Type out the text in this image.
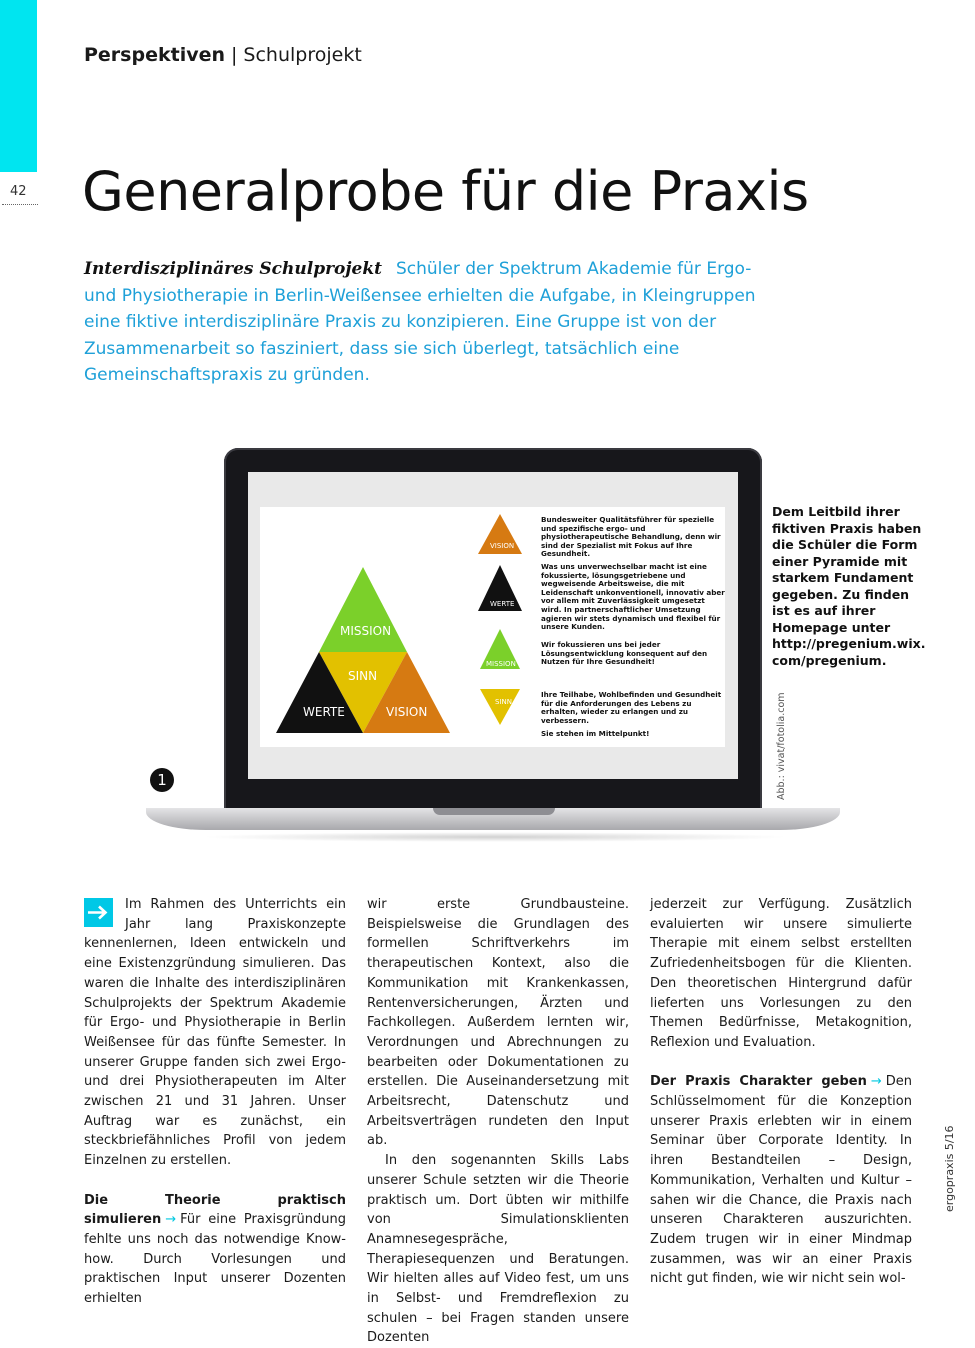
42
Perspektiven | Schulprojekt
Generalprobe für die Praxis
Interdisziplinäres Schulprojekt Schüler der Spektrum Akademie für Ergo- und Physiotherapie in Berlin-Weißensee erhielten die Aufgabe, in Kleingruppen eine fiktive interdisziplinäre Praxis zu konzipieren. Eine Gruppe ist von der Zusammenarbeit so fasziniert, dass sie sich überlegt, tatsächlich eine Gemeinschaftspraxis zu gründen.
MISSION
SINN
WERTE	VISION
VISION
WERTE
MISSION
SINN
Bundesweiter Qualitätsführer für spezielle und spezifische ergo- und physiotherapeutische Behandlung, denn wir sind der Spezialist mit Fokus auf Ihre Gesundheit.
Was uns unverwechselbar macht ist eine fokussierte, lösungsgetriebene und wegweisende Arbeitsweise, die mit Leidenschaft unkonventionell, innovativ aber vor allem mit Zuverlässigkeit umgesetzt wird. In partnerschaftlicher Umsetzung agieren wir stets dynamisch und flexibel für unsere Kunden.
Wir fokussieren uns bei jeder Lösungsentwicklung konsequent auf den Nutzen für Ihre Gesundheit!
Ihre Teilhabe, Wohlbefinden und Gesundheit für die Anforderungen des Lebens zu erhalten, wieder zu erlangen und zu verbessern.
Sie stehen im Mittelpunkt!
1
Dem Leitbild ihrer fiktiven Praxis haben die Schüler die Form einer Pyramide mit starkem Fundament gegeben. Zu finden ist es auf ihrer Homepage unter http://pregenium.wix. com/pregenium.
Abb.: vivat/fotolia.com

Im Rahmen des Unterrichts ein Jahr lang Praxiskonzepte kennenlernen, Ideen entwickeln und eine Existenzgründung simulieren. Das waren die Inhalte des interdisziplinären Schulprojekts der Spektrum Akademie für Ergo- und Physiotherapie in Berlin Weißensee für das fünfte Semester. In unserer Gruppe fanden sich zwei Ergo- und drei Physiotherapeuten im Alter zwischen 21 und 31 Jahren. Unser Auftrag war es zunächst, ein steckbriefähnliches Profil von jedem Einzelnen zu erstellen.

Die Theorie praktisch simulieren → Für eine Praxisgründung fehlte uns noch das notwendige Know-how. Durch Vorlesungen und praktischen Input unserer Dozenten erhielten

wir erste Grundbausteine. Beispielsweise die Grundlagen des formellen Schriftverkehrs im therapeutischen Kontext, also die Kommunikation mit Krankenkassen, Rentenversicherungen, Ärzten und Fachkollegen. Außerdem lernten wir, Verordnungen und Abrechnungen zu bearbeiten oder Dokumentationen zu erstellen. Die Auseinandersetzung mit Arbeitsrecht, Datenschutz und Arbeitsverträgen rundeten den Input ab.

In den sogenannten Skills Labs unserer Schule setzten wir die Theorie praktisch um. Dort übten wir mithilfe von Simulationsklienten Anamnesegespräche, Therapiesequenzen und Beratungen. Wir hielten alles auf Video fest, um uns in Selbst- und Fremdreflexion zu schulen – bei Fragen standen unsere Dozenten

jederzeit zur Verfügung. Zusätzlich evaluierten wir unsere simulierte Therapie mit einem selbst erstellten Zufriedenheitsbogen für die Klienten. Den theoretischen Hintergrund dafür lieferten uns Vorlesungen zu den Themen Bedürfnisse, Metakognition, Reflexion und Evaluation.

Der Praxis Charakter geben → Den Schlüsselmoment für die Konzeption unserer Praxis erlebten wir in einem Seminar über Corporate Identity. In ihren Bestandteilen – Design, Kommunikation, Verhalten und Kultur – sahen wir die Chance, die Praxis nach unseren Charakteren auszurichten. Zudem trugen wir in einer Mindmap zusammen, was wir an einer Praxis nicht gut finden, wie wir nicht sein wol-

ergopraxis 5/16
